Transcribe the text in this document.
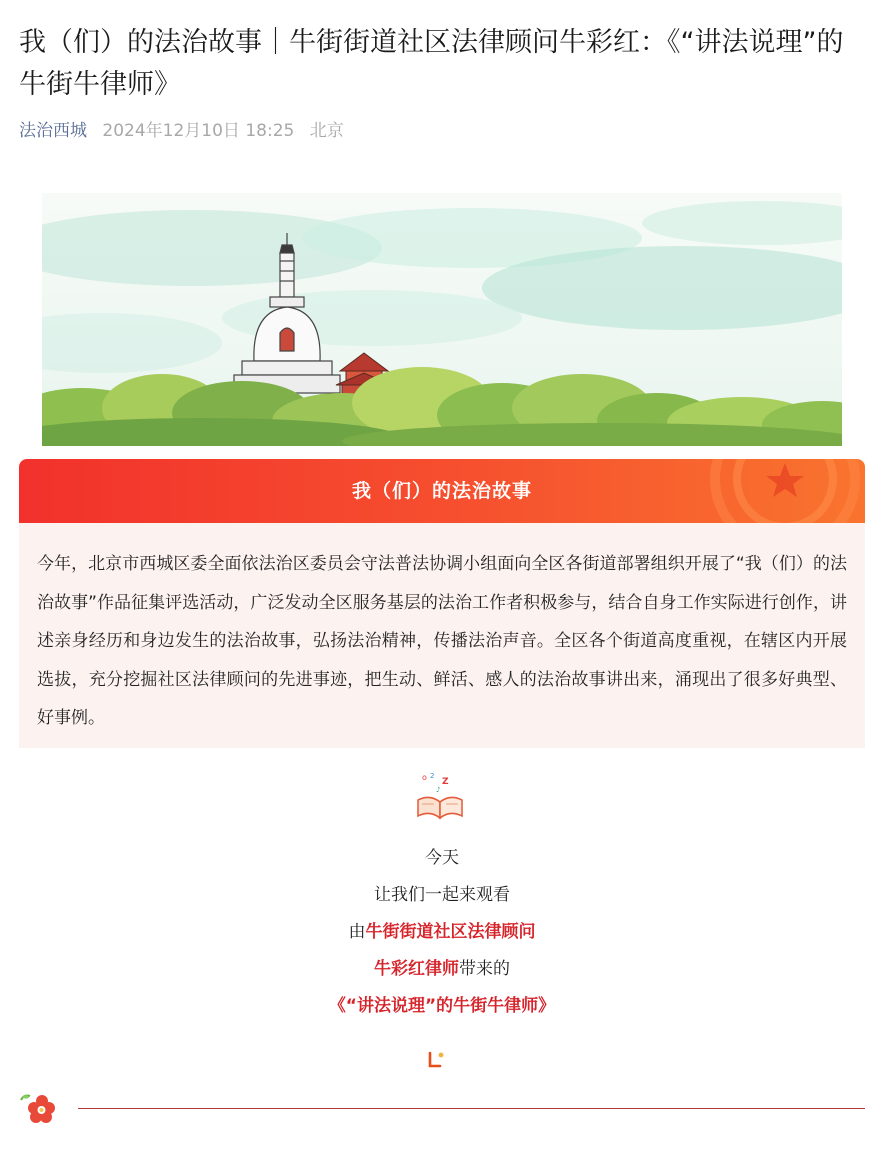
我（们）的法治故事｜牛街街道社区法律顾问牛彩红：《“讲法说理”的牛街牛律师》
法治西城 2024年12月10日 18:25 北京
我（们）的法治故事

今年，北京市西城区委全面依法治区委员会守法普法协调小组面向全区各街道部署组织开展了“我（们）的法治故事”作品征集评选活动，广泛发动全区服务基层的法治工作者积极参与，结合自身工作实际进行创作，讲述亲身经历和身边发生的法治故事，弘扬法治精神，传播法治声音。全区各个街道高度重视，在辖区内开展选拔，充分挖掘社区法律顾问的先进事迹，把生动、鲜活、感人的法治故事讲出来，涌现出了很多好典型、好事例。

o 2
Z
♪
今天
让我们一起来观看
由牛街街道社区法律顾问
牛彩红律师带来的
《“讲法说理”的牛街牛律师》
